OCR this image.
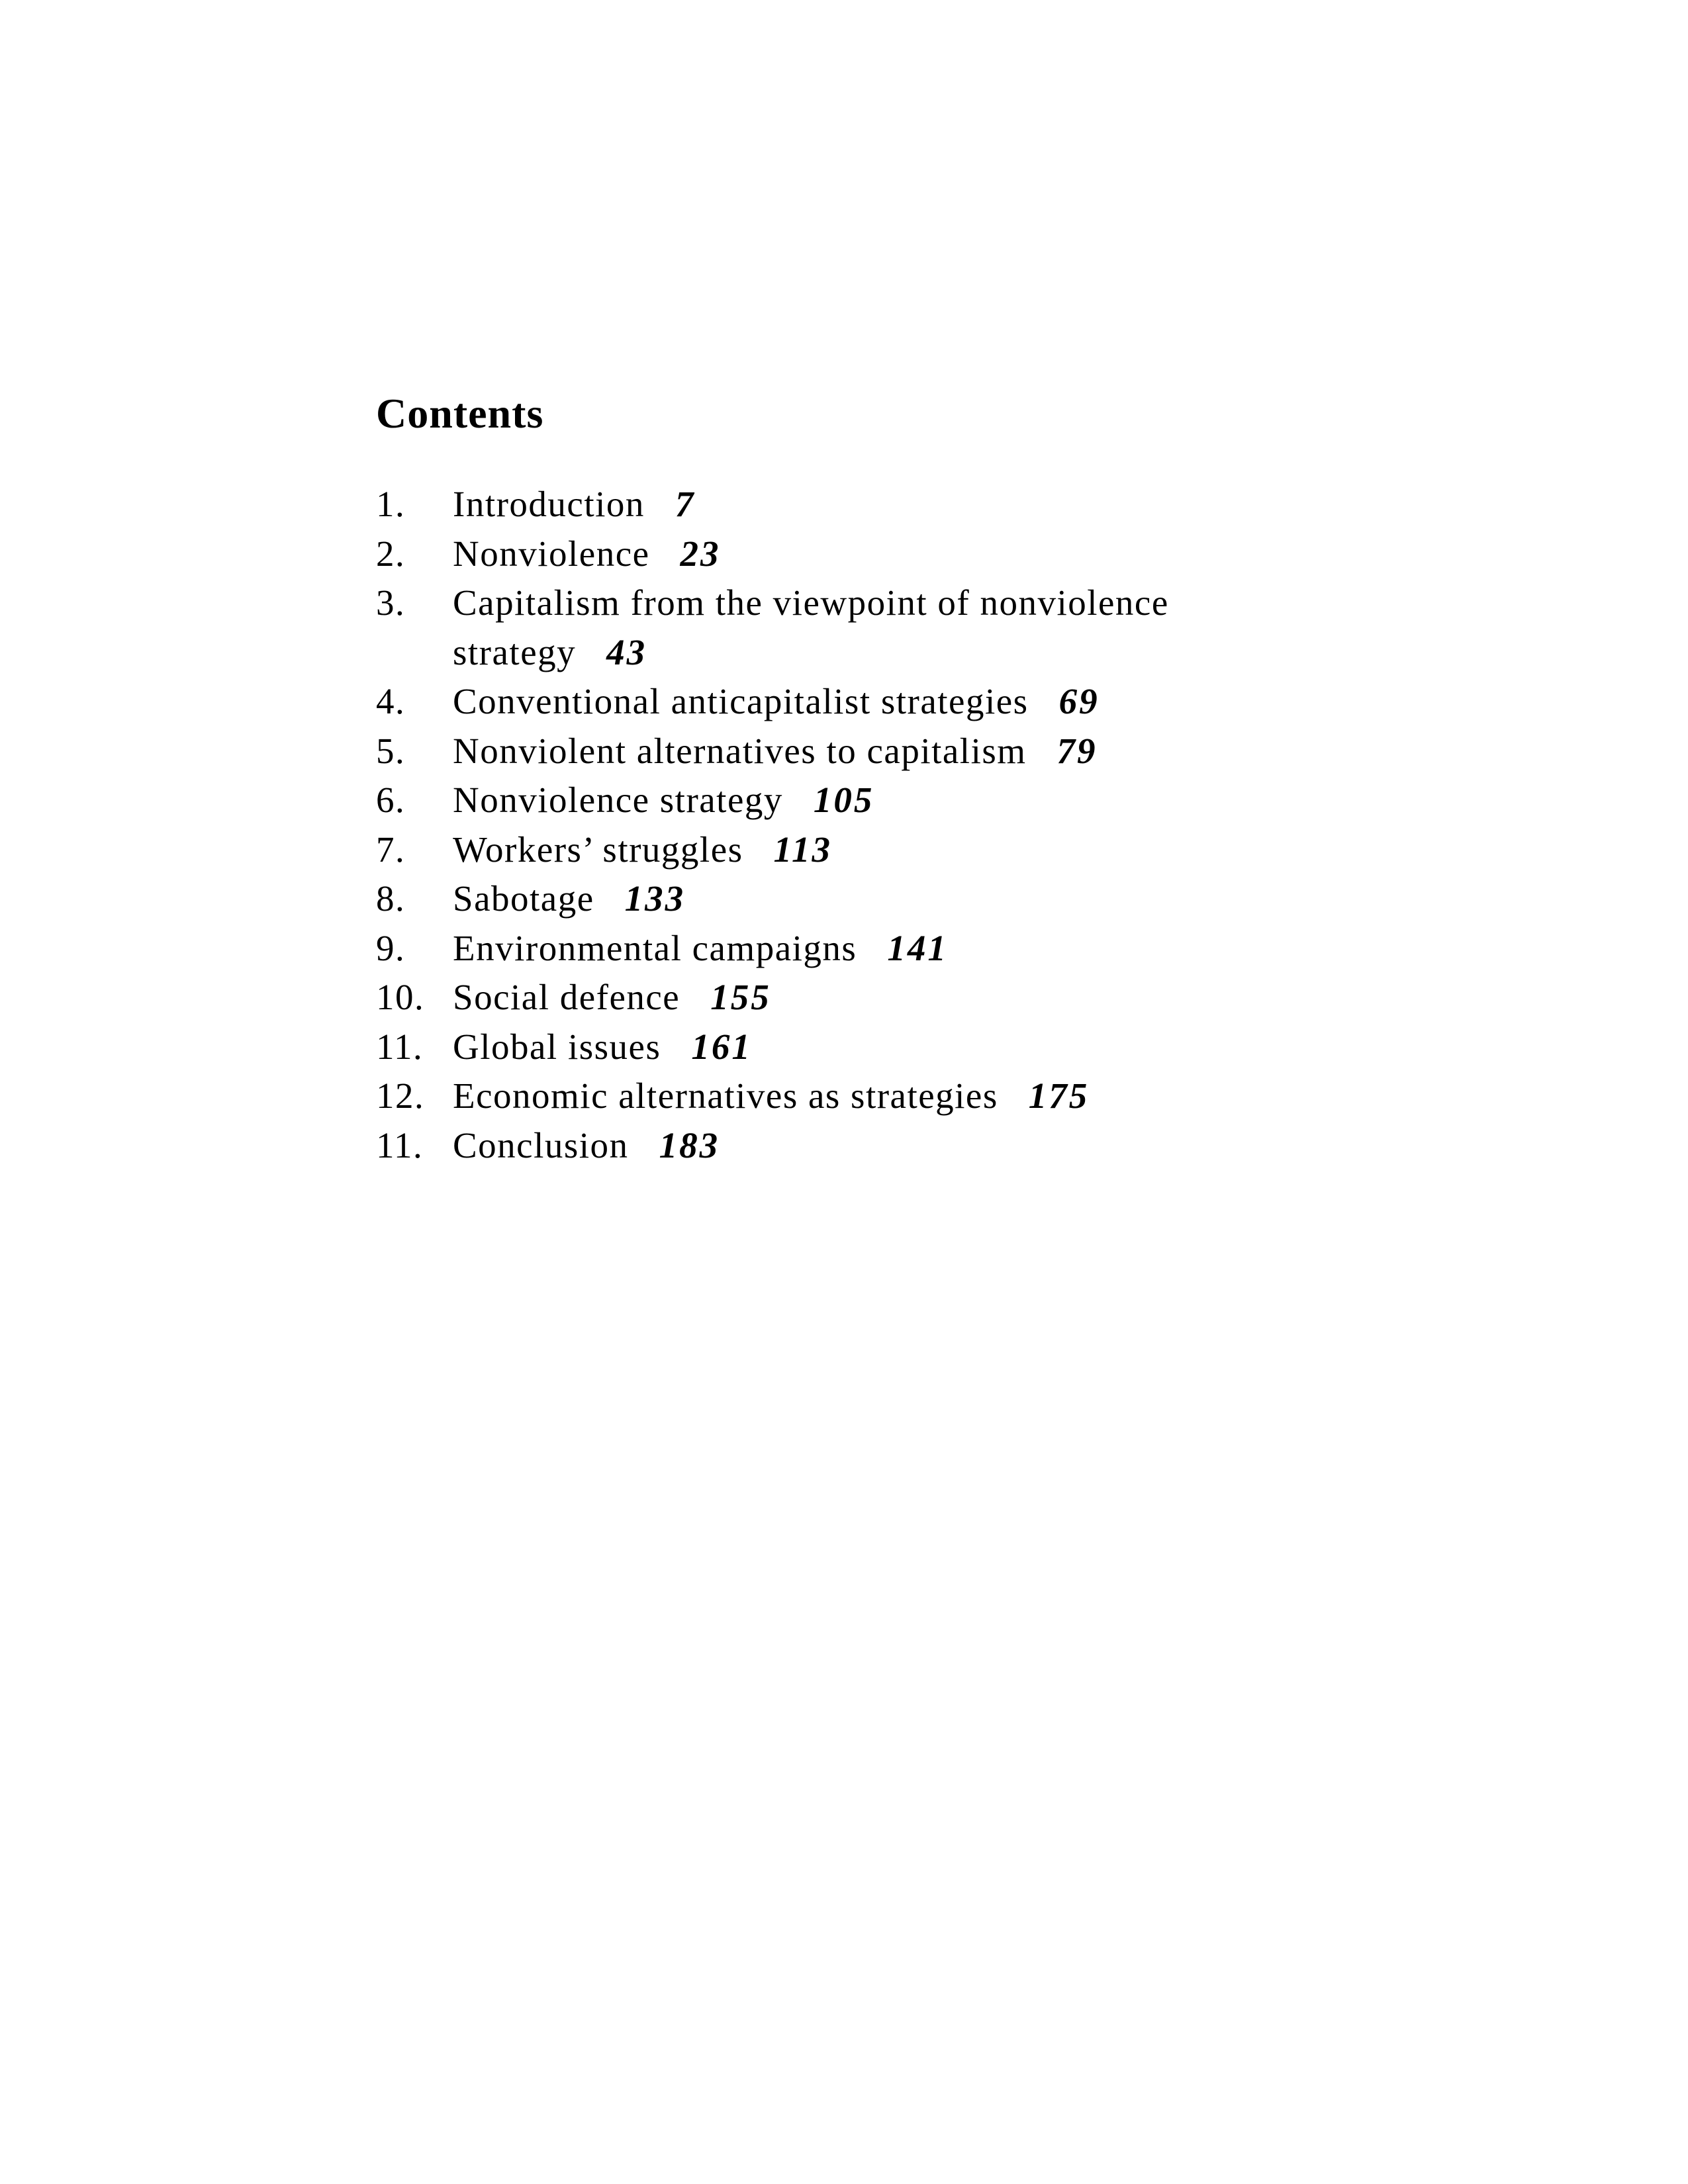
Contents
1.	Introduction 7
2.	Nonviolence 23
3.	Capitalism from the viewpoint of nonviolence strategy 43
4.	Conventional anticapitalist strategies 69
5.	Nonviolent alternatives to capitalism 79
6.	Nonviolence strategy 105
7.	Workers’ struggles 113
8.	Sabotage 133
9.	Environmental campaigns 141
10. Social defence 155
11. Global issues 161
12. Economic alternatives as strategies 175
11. Conclusion 183
